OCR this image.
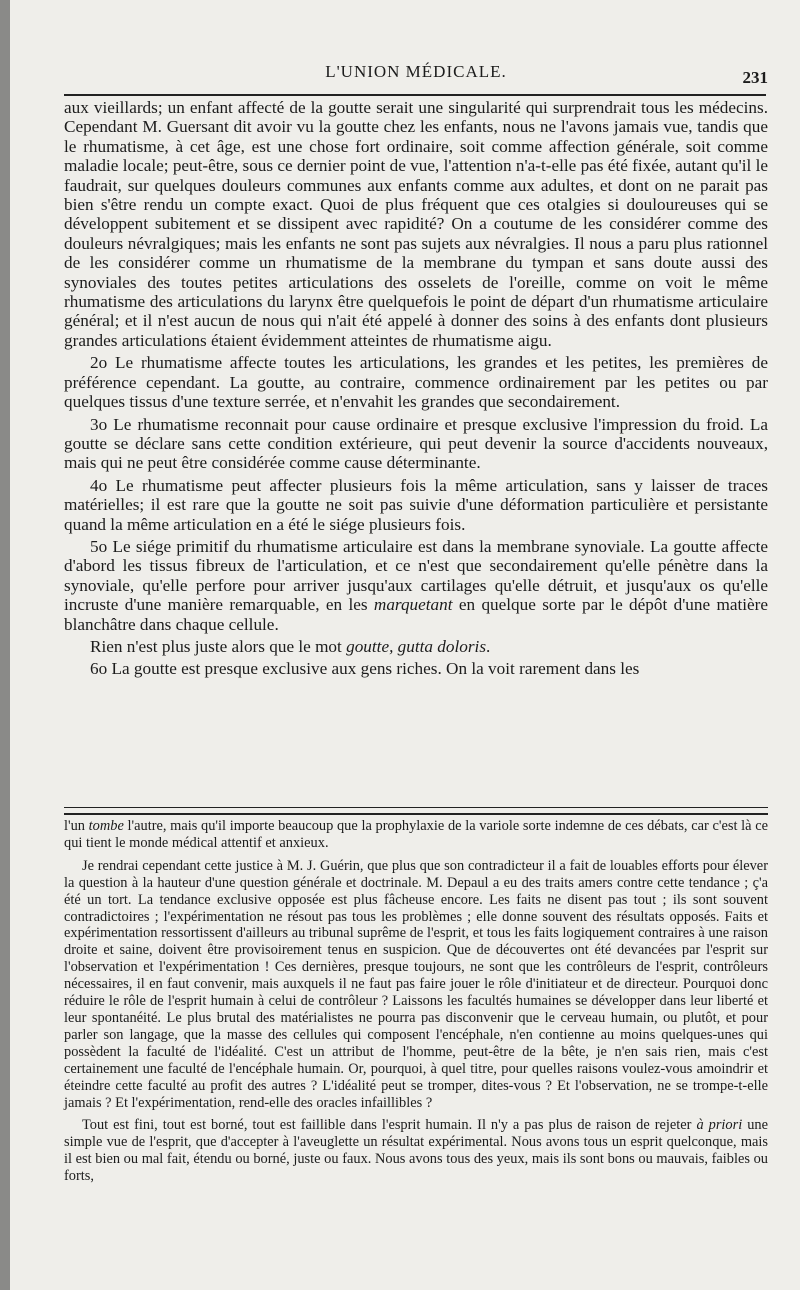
L'UNION MÉDICALE.	231

aux vieillards; un enfant affecté de la goutte serait une singularité qui surprendrait tous les médecins. Cependant M. Guersant dit avoir vu la goutte chez les enfants, nous ne l'avons jamais vue, tandis que le rhumatisme, à cet âge, est une chose fort ordinaire, soit comme affection générale, soit comme maladie locale; peut-être, sous ce dernier point de vue, l'attention n'a-t-elle pas été fixée, autant qu'il le faudrait, sur quelques douleurs communes aux enfants comme aux adultes, et dont on ne parait pas bien s'être rendu un compte exact. Quoi de plus fréquent que ces otalgies si douloureuses qui se développent subitement et se dissipent avec rapidité? On a coutume de les considérer comme des douleurs névralgiques; mais les enfants ne sont pas sujets aux névralgies. Il nous a paru plus rationnel de les considérer comme un rhumatisme de la membrane du tympan et sans doute aussi des synoviales des toutes petites articulations des osselets de l'oreille, comme on voit le même rhumatisme des articulations du larynx être quelquefois le point de départ d'un rhumatisme articulaire général; et il n'est aucun de nous qui n'ait été appelé à donner des soins à des enfants dont plusieurs grandes articulations étaient évidemment atteintes de rhumatisme aigu.

2o Le rhumatisme affecte toutes les articulations, les grandes et les petites, les premières de préférence cependant. La goutte, au contraire, commence ordinairement par les petites ou par quelques tissus d'une texture serrée, et n'envahit les grandes que secondairement.

3o Le rhumatisme reconnait pour cause ordinaire et presque exclusive l'impression du froid. La goutte se déclare sans cette condition extérieure, qui peut devenir la source d'accidents nouveaux, mais qui ne peut être considérée comme cause déterminante.

4o Le rhumatisme peut affecter plusieurs fois la même articulation, sans y laisser de traces matérielles; il est rare que la goutte ne soit pas suivie d'une déformation particulière et persistante quand la même articulation en a été le siége plusieurs fois.

5o Le siége primitif du rhumatisme articulaire est dans la membrane synoviale. La goutte affecte d'abord les tissus fibreux de l'articulation, et ce n'est que secondairement qu'elle pénètre dans la synoviale, qu'elle perfore pour arriver jusqu'aux cartilages qu'elle détruit, et jusqu'aux os qu'elle incruste d'une manière remarquable, en les marquetant en quelque sorte par le dépôt d'une matière blanchâtre dans chaque cellule.

Rien n'est plus juste alors que le mot goutte, gutta doloris.

6o La goutte est presque exclusive aux gens riches. On la voit rarement dans les

l'un tombe l'autre, mais qu'il importe beaucoup que la prophylaxie de la variole sorte indemne de ces débats, car c'est là ce qui tient le monde médical attentif et anxieux.

Je rendrai cependant cette justice à M. J. Guérin, que plus que son contradicteur il a fait de louables efforts pour élever la question à la hauteur d'une question générale et doctrinale. M. Depaul a eu des traits amers contre cette tendance ; ç'a été un tort. La tendance exclusive opposée est plus fâcheuse encore. Les faits ne disent pas tout ; ils sont souvent contradictoires ; l'expérimentation ne résout pas tous les problèmes ; elle donne souvent des résultats opposés. Faits et expérimentation ressortissent d'ailleurs au tribunal suprême de l'esprit, et tous les faits logiquement contraires à une raison droite et saine, doivent être provisoirement tenus en suspicion. Que de découvertes ont été devancées par l'esprit sur l'observation et l'expérimentation ! Ces dernières, presque toujours, ne sont que les contrôleurs de l'esprit, contrôleurs nécessaires, il en faut convenir, mais auxquels il ne faut pas faire jouer le rôle d'initiateur et de directeur. Pourquoi donc réduire le rôle de l'esprit humain à celui de contrôleur ? Laissons les facultés humaines se développer dans leur liberté et leur spontanéité. Le plus brutal des matérialistes ne pourra pas disconvenir que le cerveau humain, ou plutôt, et pour parler son langage, que la masse des cellules qui composent l'encéphale, n'en contienne au moins quelques-unes qui possèdent la faculté de l'idéalité. C'est un attribut de l'homme, peut-être de la bête, je n'en sais rien, mais c'est certainement une faculté de l'encéphale humain. Or, pourquoi, à quel titre, pour quelles raisons voulez-vous amoindrir et éteindre cette faculté au profit des autres ? L'idéalité peut se tromper, dites-vous ? Et l'observation, ne se trompe-t-elle jamais ? Et l'expérimentation, rend-elle des oracles infaillibles ?

Tout est fini, tout est borné, tout est faillible dans l'esprit humain. Il n'y a pas plus de raison de rejeter à priori une simple vue de l'esprit, que d'accepter à l'aveuglette un résultat expérimental. Nous avons tous un esprit quelconque, mais il est bien ou mal fait, étendu ou borné, juste ou faux. Nous avons tous des yeux, mais ils sont bons ou mauvais, faibles ou forts,
